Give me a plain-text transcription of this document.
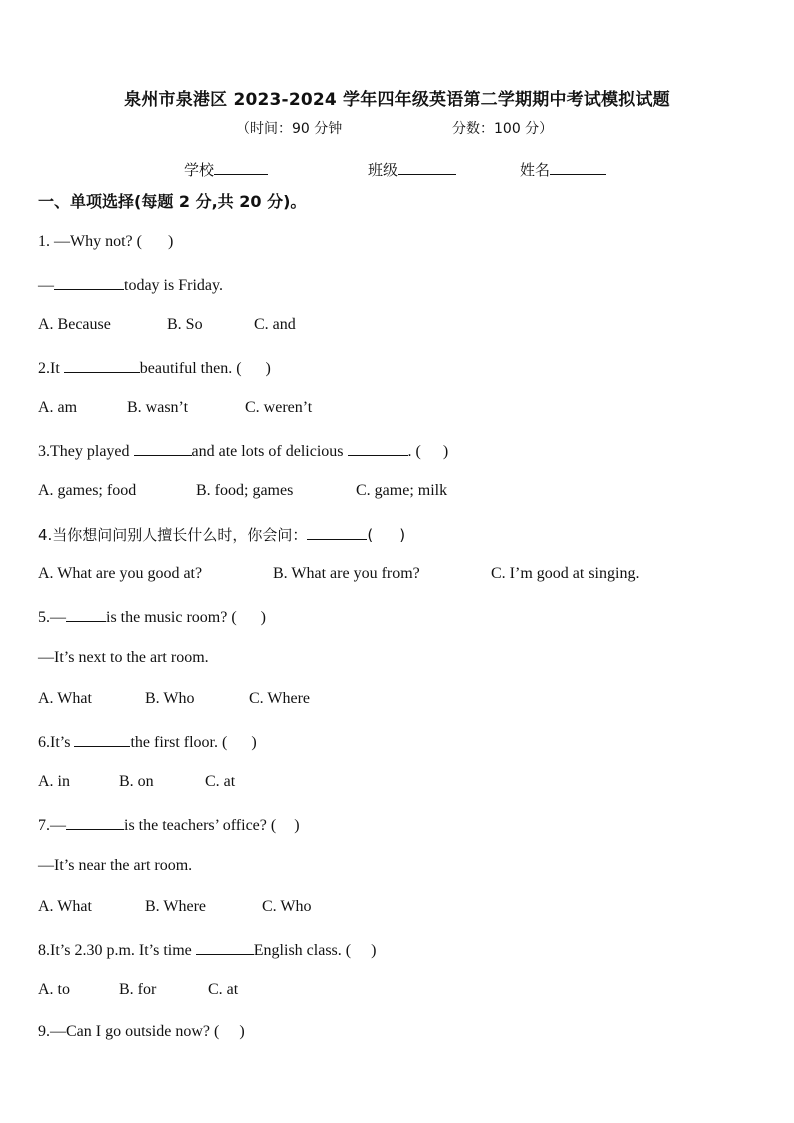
泉州市泉港区 2023-2024 学年四年级英语第二学期期中考试模拟试题
（时间：90 分钟	分数：100 分）
学校	班级	姓名
一、单项选择(每题 2 分,共 20 分)。
1. —Why not? ( )
—	today is Friday.
A. Because	B. So	C. and
2.It	beautiful then. ( )
A. am	B. wasn’t	C. weren’t
3.They played	and ate lots of delicious	. ( )
A. games; food	B. food; games	C. game; milk
4.当你想问问别人擅长什么时，你会问：	( )
A. What are you good at?	B. What are you from?	C. I’m good at singing.
5.—	is the music room? ( )
—It’s next to the art room.
A. What	B. Who	C. Where
6.It’s	the first floor. ( )
A. in	B. on	C. at
7.—	is the teachers’ office? ( )
—It’s near the art room.
A. What	B. Where	C. Who
8.It’s 2.30 p.m. It’s time	English class. ( )
A. to	B. for	C. at
9.—Can I go outside now? ( )
